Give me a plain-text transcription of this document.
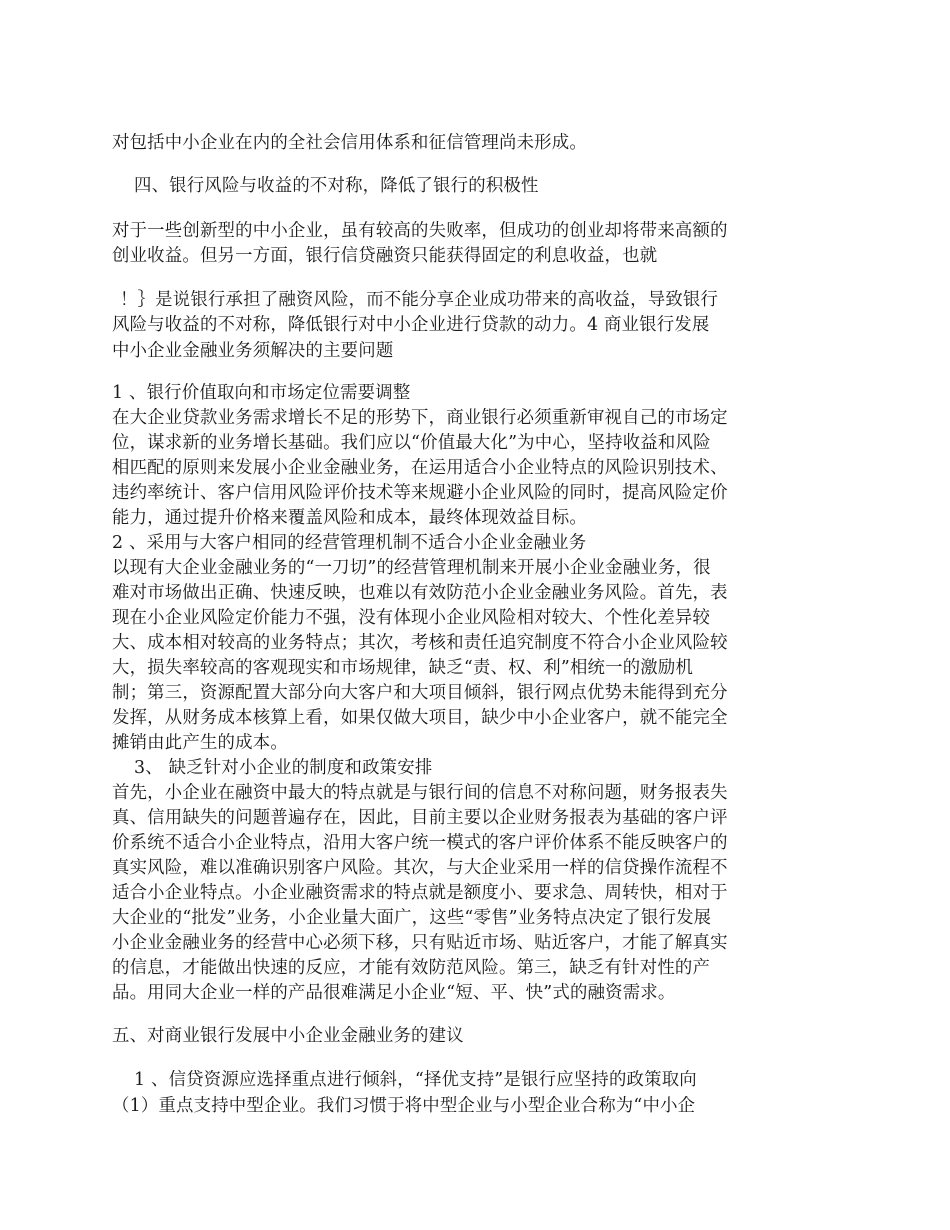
对包括中小企业在内的全社会信用体系和征信管理尚未形成。
四、银行风险与收益的不对称，降低了银行的积极性
对于一些创新型的中小企业，虽有较高的失败率，但成功的创业却将带来高额的
创业收益。但另一方面，银行信贷融资只能获得固定的利息收益，也就
！｝是说银行承担了融资风险，而不能分享企业成功带来的高收益，导致银行
风险与收益的不对称，降低银行对中小企业进行贷款的动力。4 商业银行发展
中小企业金融业务须解决的主要问题
1 、银行价值取向和市场定位需要调整
在大企业贷款业务需求增长不足的形势下，商业银行必须重新审视自己的市场定
位，谋求新的业务增长基础。我们应以“价值最大化”为中心，坚持收益和风险
相匹配的原则来发展小企业金融业务，在运用适合小企业特点的风险识别技术、
违约率统计、客户信用风险评价技术等来规避小企业风险的同时，提高风险定价
能力，通过提升价格来覆盖风险和成本，最终体现效益目标。
2 、采用与大客户相同的经营管理机制不适合小企业金融业务
以现有大企业金融业务的“一刀切”的经营管理机制来开展小企业金融业务，很
难对市场做出正确、快速反映，也难以有效防范小企业金融业务风险。首先，表
现在小企业风险定价能力不强，没有体现小企业风险相对较大、个性化差异较
大、成本相对较高的业务特点；其次，考核和责任追究制度不符合小企业风险较
大，损失率较高的客观现实和市场规律，缺乏“责、权、利”相统一的激励机
制；第三，资源配置大部分向大客户和大项目倾斜，银行网点优势未能得到充分
发挥，从财务成本核算上看，如果仅做大项目，缺少中小企业客户，就不能完全
摊销由此产生的成本。
3、 缺乏针对小企业的制度和政策安排
首先，小企业在融资中最大的特点就是与银行间的信息不对称问题，财务报表失
真、信用缺失的问题普遍存在，因此，目前主要以企业财务报表为基础的客户评
价系统不适合小企业特点，沿用大客户统一模式的客户评价体系不能反映客户的
真实风险，难以准确识别客户风险。其次，与大企业采用一样的信贷操作流程不
适合小企业特点。小企业融资需求的特点就是额度小、要求急、周转快，相对于
大企业的“批发”业务，小企业量大面广，这些“零售”业务特点决定了银行发展
小企业金融业务的经营中心必须下移，只有贴近市场、贴近客户，才能了解真实
的信息，才能做出快速的反应，才能有效防范风险。第三，缺乏有针对性的产
品。用同大企业一样的产品很难满足小企业“短、平、快”式的融资需求。
五、对商业银行发展中小企业金融业务的建议
1 、信贷资源应选择重点进行倾斜，“择优支持”是银行应坚持的政策取向
（1）重点支持中型企业。我们习惯于将中型企业与小型企业合称为“中小企
